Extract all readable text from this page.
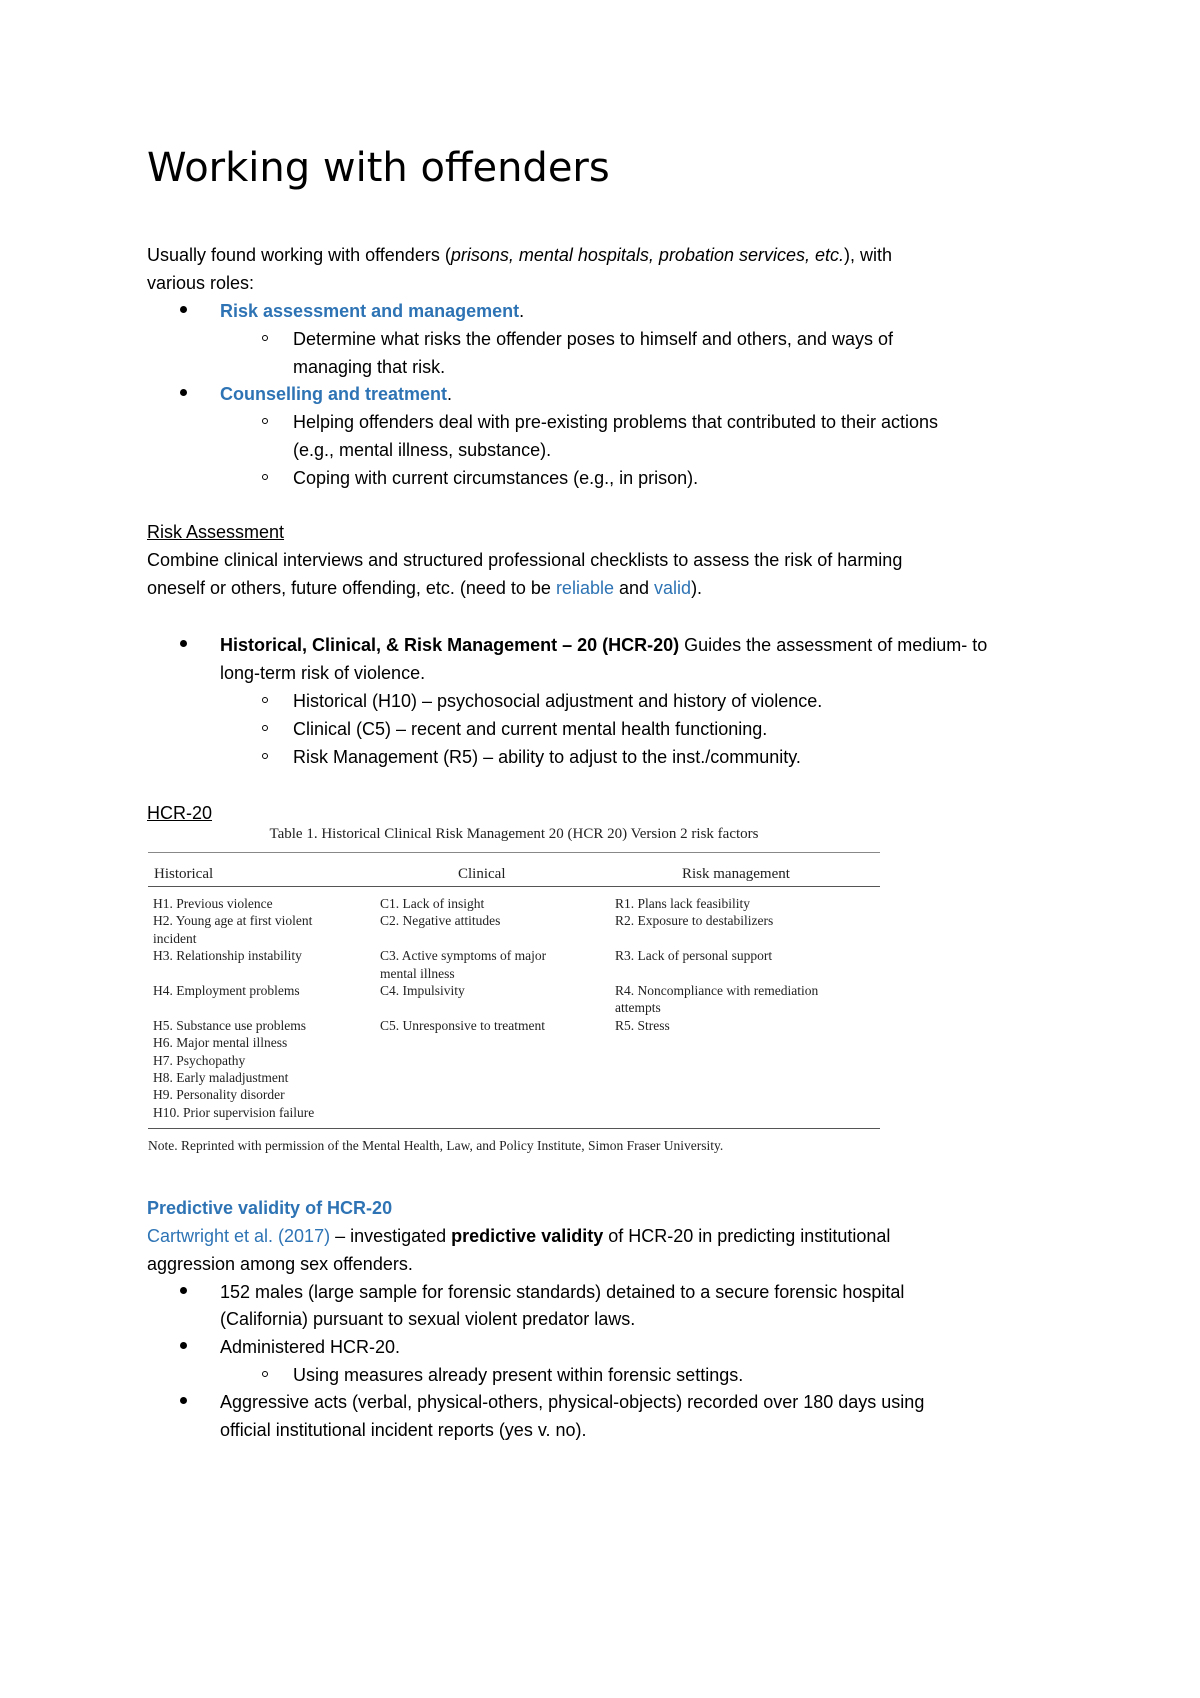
Working with offenders

Usually found working with offenders (prisons, mental hospitals, probation services, etc.), with

various roles:

Risk assessment and management.
Determine what risks the offender poses to himself and others, and ways of

managing that risk.

Counselling and treatment.
Helping offenders deal with pre-existing problems that contributed to their actions

(e.g., mental illness, substance).

Coping with current circumstances (e.g., in prison).

Risk Assessment

Combine clinical interviews and structured professional checklists to assess the risk of harming

oneself or others, future offending, etc. (need to be reliable and valid).

Historical, Clinical, & Risk Management – 20 (HCR-20) Guides the assessment of medium- to

long-term risk of violence.

Historical (H10) – psychosocial adjustment and history of violence.
Clinical (C5) – recent and current mental health functioning.
Risk Management (R5) – ability to adjust to the inst./community.

HCR-20

Table 1. Historical Clinical Risk Management 20 (HCR 20) Version 2 risk factors
Historical	Clinical	Risk management
H1. Previous violence
H2. Young age at first violent
incident
H3. Relationship instability

H4. Employment problems

H5. Substance use problems
H6. Major mental illness
H7. Psychopathy
H8. Early maladjustment
H9. Personality disorder
H10. Prior supervision failure
C1. Lack of insight
C2. Negative attitudes

C3. Active symptoms of major
mental illness
C4. Impulsivity

C5. Unresponsive to treatment
R1. Plans lack feasibility
R2. Exposure to destabilizers

R3. Lack of personal support

R4. Noncompliance with remediation
attempts
R5. Stress
Note. Reprinted with permission of the Mental Health, Law, and Policy Institute, Simon Fraser University.

Predictive validity of HCR-20

Cartwright et al. (2017) – investigated predictive validity of HCR-20 in predicting institutional

aggression among sex offenders.

152 males (large sample for forensic standards) detained to a secure forensic hospital

(California) pursuant to sexual violent predator laws.

Administered HCR-20.
Using measures already present within forensic settings.
Aggressive acts (verbal, physical-others, physical-objects) recorded over 180 days using

official institutional incident reports (yes v. no).
